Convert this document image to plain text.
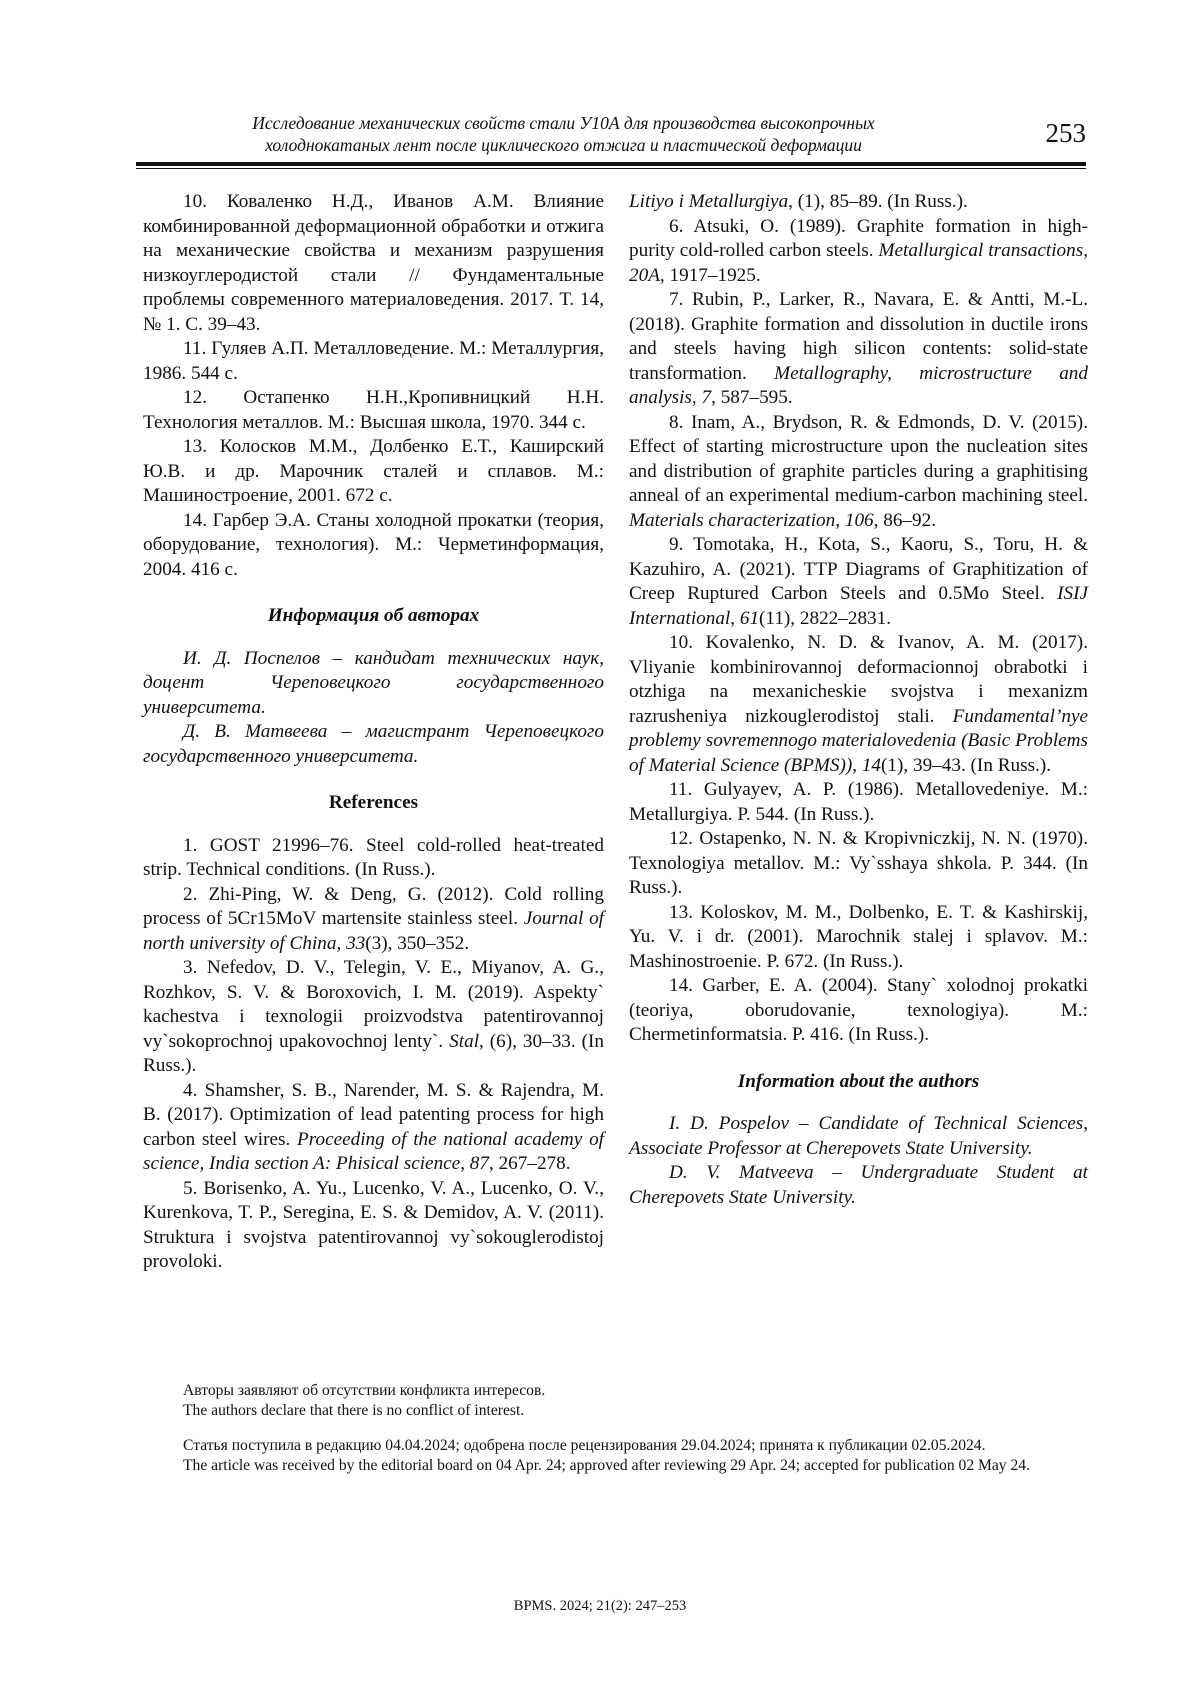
Исследование механических свойств стали У10А для производства высокопрочных
холоднокатаных лент после циклического отжига и пластической деформации	253

10. Коваленко Н.Д., Иванов А.М. Влияние комбинированной деформационной обработки и отжига на механические свойства и механизм разрушения низкоуглеродистой стали // Фундаментальные проблемы современного материаловедения. 2017. Т. 14, № 1. С. 39–43.

11. Гуляев А.П. Металловедение. М.: Металлургия, 1986. 544 с.

12. Остапенко Н.Н.,Кропивницкий Н.Н. Технология металлов. М.: Высшая школа, 1970. 344 с.

13. Колосков М.М., Долбенко Е.Т., Каширский Ю.В. и др. Марочник сталей и сплавов. М.: Машиностроение, 2001. 672 с.

14. Гарбер Э.А. Станы холодной прокатки (теория, оборудование, технология). М.: Черметинформация, 2004. 416 с.

Информация об авторах

И. Д. Поспелов – кандидат технических наук, доцент Череповецкого государственного университета.

Д. В. Матвеева – магистрант Череповецкого государственного университета.

References

1. GOST 21996–76. Steel cold-rolled heat-treated strip. Technical conditions. (In Russ.).

2. Zhi-Ping, W. & Deng, G. (2012). Cold rolling process of 5Cr15MoV martensite stainless steel. Journal of north university of China, 33(3), 350–352.

3. Nefedov, D. V., Telegin, V. E., Miyanov, A. G., Rozhkov, S. V. & Boroxovich, I. M. (2019). Aspekty` kachestva i texnologii proizvodstva patentirovannoj vy`sokoprochnoj upakovochnoj lenty`. Stal, (6), 30–33. (In Russ.).

4. Shamsher, S. B., Narender, M. S. & Rajendra, M. B. (2017). Optimization of lead patenting process for high carbon steel wires. Proceeding of the national academy of science, India section A: Phisical science, 87, 267–278.

5. Borisenko, A. Yu., Lucenko, V. A., Lucenko, O. V., Kurenkova, T. P., Seregina, E. S. & Demidov, A. V. (2011). Struktura i svojstva patentirovannoj vy`sokouglerodistoj provoloki.

Litiyo i Metallurgiya, (1), 85–89. (In Russ.).

6. Atsuki, O. (1989). Graphite formation in high-purity cold-rolled carbon steels. Metallurgical transactions, 20A, 1917–1925.

7. Rubin, P., Larker, R., Navara, E. & Antti, M.-L. (2018). Graphite formation and dissolution in ductile irons and steels having high silicon contents: solid-state transformation. Metallography, microstructure and analysis, 7, 587–595.

8. Inam, A., Brydson, R. & Edmonds, D. V. (2015). Effect of starting microstructure upon the nucleation sites and distribution of graphite particles during a graphitising anneal of an experimental medium-carbon machining steel. Materials characterization, 106, 86–92.

9. Tomotaka, H., Kota, S., Kaoru, S., Toru, H. & Kazuhiro, A. (2021). TTP Diagrams of Graphitization of Creep Ruptured Carbon Steels and 0.5Mo Steel. ISIJ International, 61(11), 2822–2831.

10. Kovalenko, N. D. & Ivanov, A. M. (2017). Vliyanie kombinirovannoj deformacionnoj obrabotki i otzhiga na mexanicheskie svojstva i mexanizm razrusheniya nizkouglerodistoj stali. Fundamental’nye problemy sovremennogo materialovedenia (Basic Problems of Material Science (BPMS)), 14(1), 39–43. (In Russ.).

11. Gulyayev, A. P. (1986). Metallovedeniye. M.: Metallurgiya. P. 544. (In Russ.).

12. Ostapenko, N. N. & Kropivniczkij, N. N. (1970). Texnologiya metallov. M.: Vy`sshaya shkola. P. 344. (In Russ.).

13. Koloskov, M. M., Dolbenko, E. T. & Kashirskij, Yu. V. i dr. (2001). Marochnik stalej i splavov. M.: Mashinostroenie. P. 672. (In Russ.).

14. Garber, E. A. (2004). Stany` xolodnoj prokatki (teoriya, oborudovanie, texnologiya). M.: Chermetinformatsia. P. 416. (In Russ.).

Information about the authors

I. D. Pospelov – Candidate of Technical Sciences, Associate Professor at Cherepovets State University.

D. V. Matveeva – Undergraduate Student at Cherepovets State University.

Авторы заявляют об отсутствии конфликта интересов.
The authors declare that there is no conflict of interest.

Статья поступила в редакцию 04.04.2024; одобрена после рецензирования 29.04.2024; принята к публикации 02.05.2024.

The article was received by the editorial board on 04 Apr. 24; approved after reviewing 29 Apr. 24; accepted for publication 02 May 24.

BPMS. 2024; 21(2): 247–253
